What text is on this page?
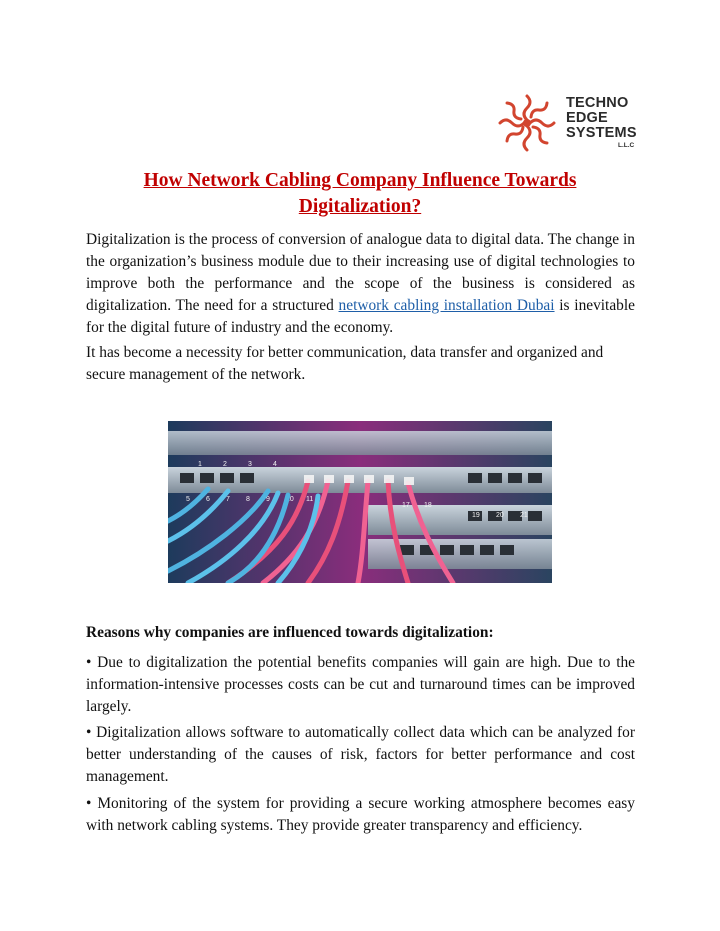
TECHNO
EDGE
SYSTEMS
L.L.C
How Network Cabling Company Influence Towards Digitalization?

Digitalization is the process of conversion of analogue data to digital data. The change in the organization’s business module due to their increasing use of digital technologies to improve both the performance and the scope of the business is considered as digitalization. The need for a structured network cabling installation Dubai is inevitable for the digital future of industry and the economy.

It has become a necessity for better communication, data transfer and organized and secure management of the network.

1	2	3	4
5 6 7 8 9 10 11
17 18
19 20 21
Reasons why companies are influenced towards digitalization:

• Due to digitalization the potential benefits companies will gain are high. Due to the information-intensive processes costs can be cut and turnaround times can be improved largely.

• Digitalization allows software to automatically collect data which can be analyzed for better understanding of the causes of risk, factors for better performance and cost management.

• Monitoring of the system for providing a secure working atmosphere becomes easy with network cabling systems. They provide greater transparency and efficiency.
